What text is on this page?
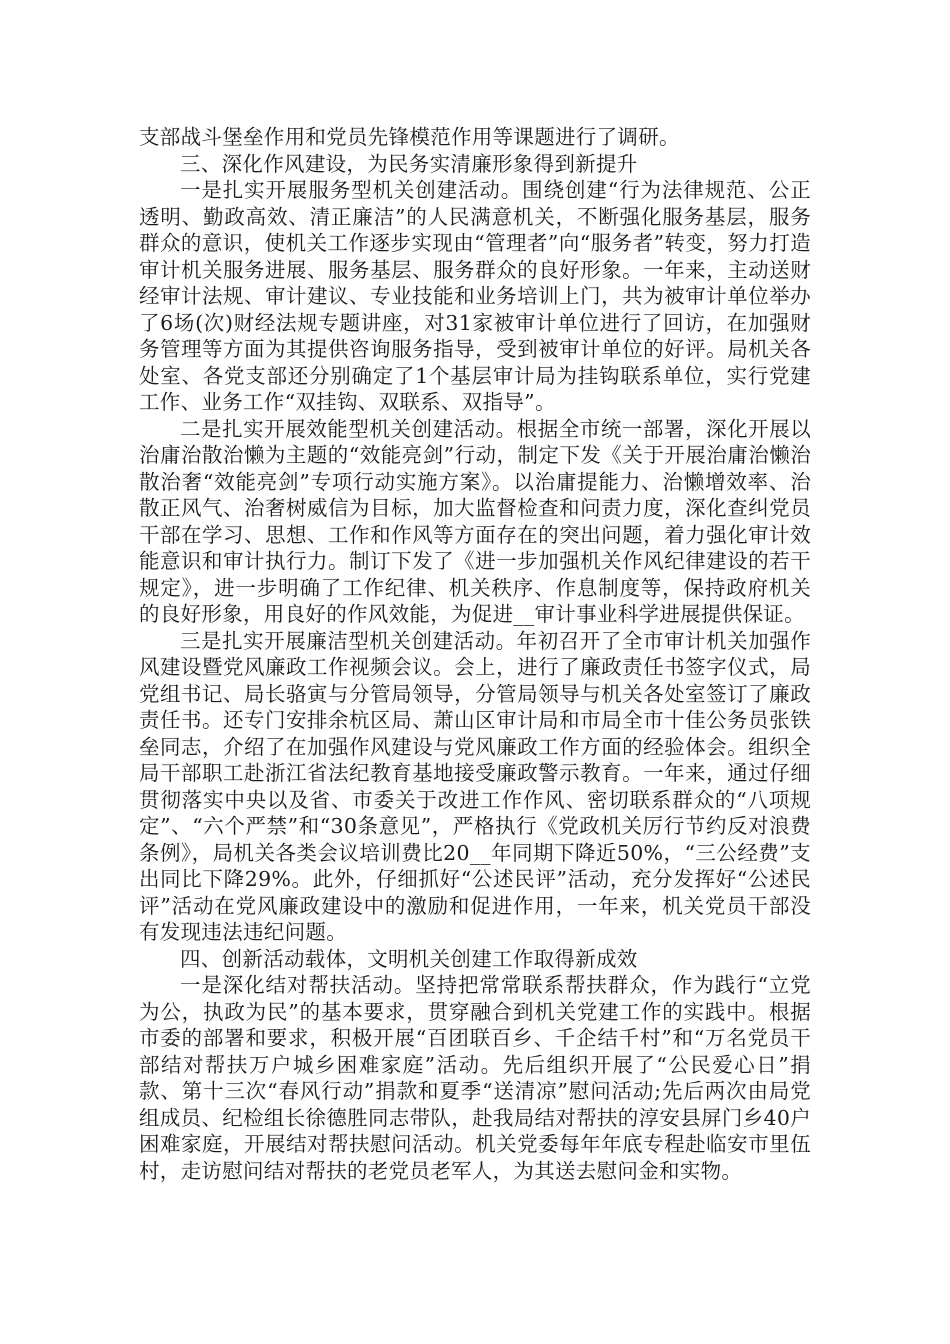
支部战斗堡垒作用和党员先锋模范作用等课题进行了调研。

三、深化作风建设，为民务实清廉形象得到新提升

一是扎实开展服务型机关创建活动。围绕创建“行为法律规范、公正透明、勤政高效、清正廉洁”的人民满意机关，不断强化服务基层，服务群众的意识，使机关工作逐步实现由“管理者”向“服务者”转变，努力打造审计机关服务进展、服务基层、服务群众的良好形象。一年来，主动送财经审计法规、审计建议、专业技能和业务培训上门，共为被审计单位举办了6场(次)财经法规专题讲座，对31家被审计单位进行了回访，在加强财务管理等方面为其提供咨询服务指导，受到被审计单位的好评。局机关各处室、各党支部还分别确定了1个基层审计局为挂钩联系单位，实行党建工作、业务工作“双挂钩、双联系、双指导”。

二是扎实开展效能型机关创建活动。根据全市统一部署，深化开展以治庸治散治懒为主题的“效能亮剑”行动，制定下发《关于开展治庸治懒治散治奢“效能亮剑”专项行动实施方案》。以治庸提能力、治懒增效率、治散正风气、治奢树威信为目标，加大监督检查和问责力度，深化查纠党员干部在学习、思想、工作和作风等方面存在的突出问题，着力强化审计效能意识和审计执行力。制订下发了《进一步加强机关作风纪律建设的若干规定》，进一步明确了工作纪律、机关秩序、作息制度等，保持政府机关的良好形象，用良好的作风效能，为促进__审计事业科学进展提供保证。

三是扎实开展廉洁型机关创建活动。年初召开了全市审计机关加强作风建设暨党风廉政工作视频会议。会上，进行了廉政责任书签字仪式，局党组书记、局长骆寅与分管局领导，分管局领导与机关各处室签订了廉政责任书。还专门安排余杭区局、萧山区审计局和市局全市十佳公务员张铁垒同志，介绍了在加强作风建设与党风廉政工作方面的经验体会。组织全局干部职工赴浙江省法纪教育基地接受廉政警示教育。一年来，通过仔细贯彻落实中央以及省、市委关于改进工作作风、密切联系群众的“八项规定”、“六个严禁”和“30条意见”，严格执行《党政机关厉行节约反对浪费条例》，局机关各类会议培训费比20__年同期下降近50%，“三公经费”支出同比下降29%。此外，仔细抓好“公述民评”活动，充分发挥好“公述民评”活动在党风廉政建设中的激励和促进作用，一年来，机关党员干部没有发现违法违纪问题。

四、创新活动载体，文明机关创建工作取得新成效

一是深化结对帮扶活动。坚持把常常联系帮扶群众，作为践行“立党为公，执政为民”的基本要求，贯穿融合到机关党建工作的实践中。根据市委的部署和要求，积极开展“百团联百乡、千企结千村”和“万名党员干部结对帮扶万户城乡困难家庭”活动。先后组织开展了“公民爱心日”捐款、第十三次“春风行动”捐款和夏季“送清凉”慰问活动;先后两次由局党组成员、纪检组长徐德胜同志带队，赴我局结对帮扶的淳安县屏门乡40户困难家庭，开展结对帮扶慰问活动。机关党委每年年底专程赴临安市里伍村，走访慰问结对帮扶的老党员老军人，为其送去慰问金和实物。
